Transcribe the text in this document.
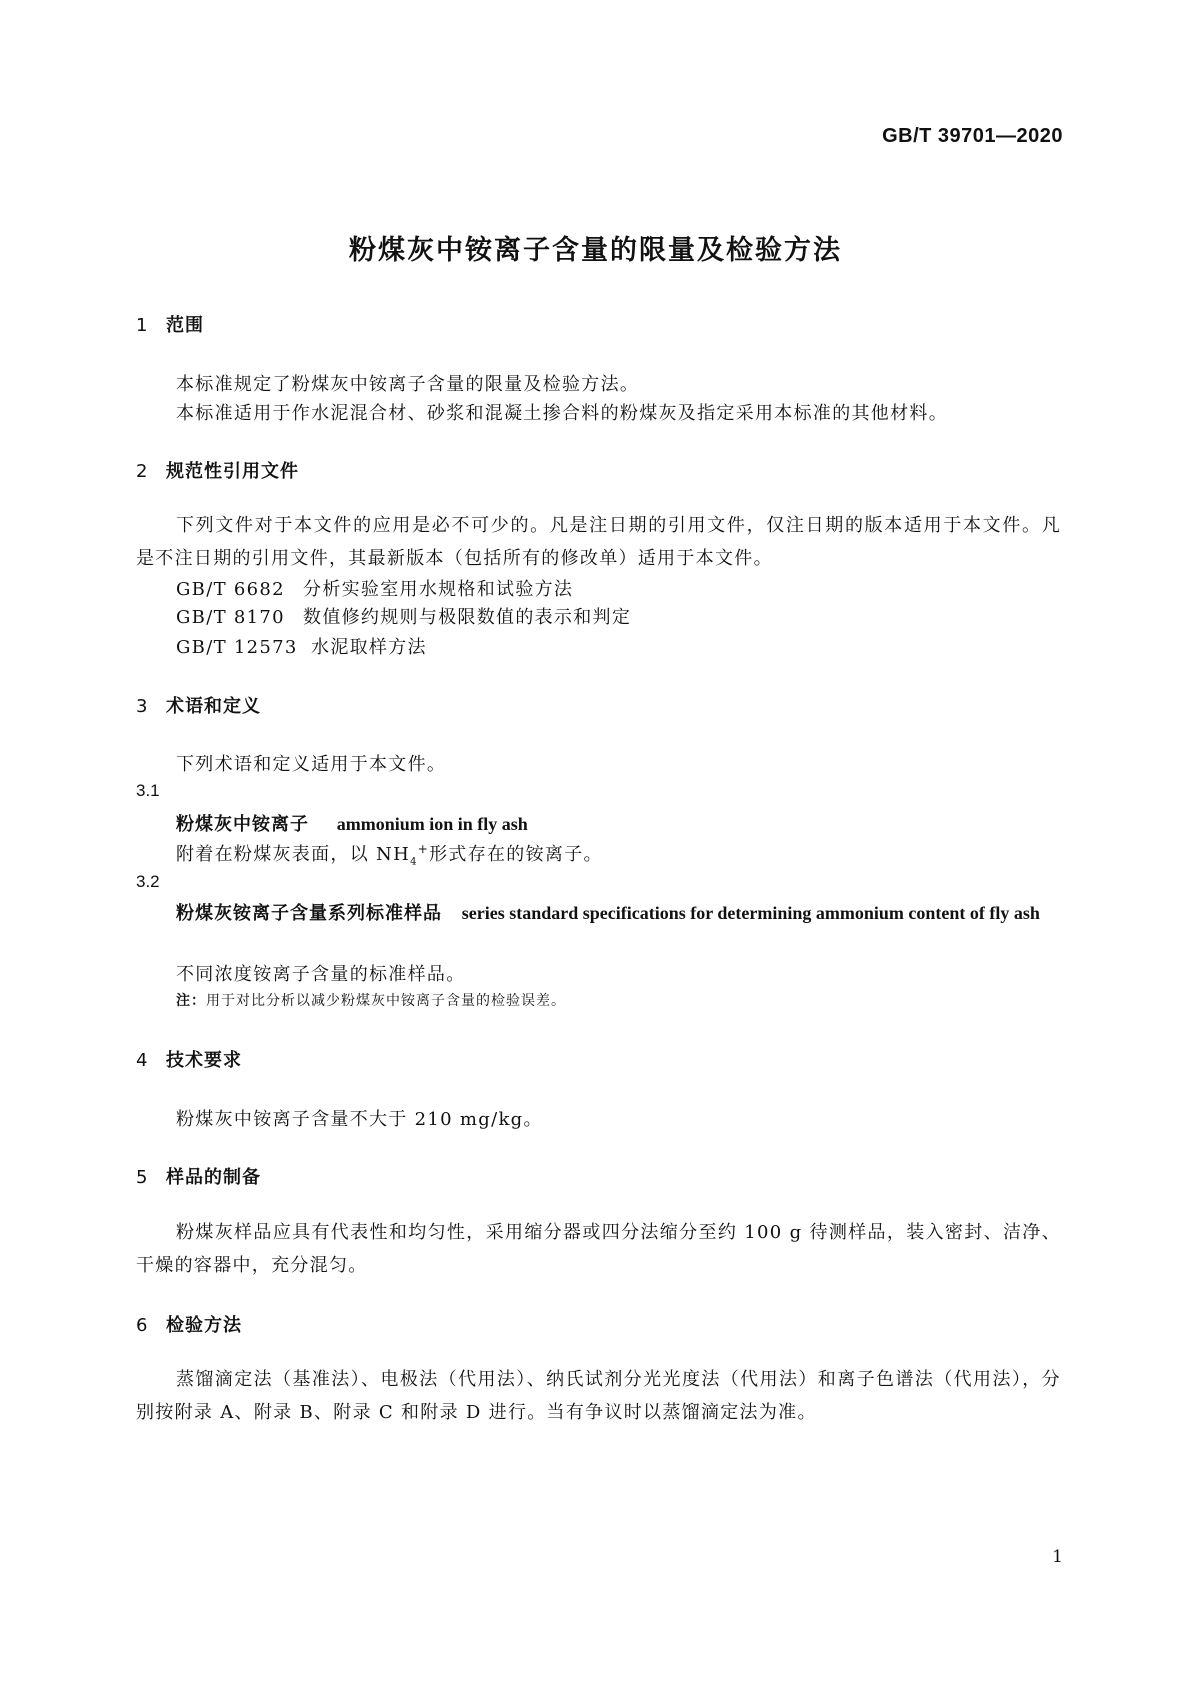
GB/T 39701—2020
粉煤灰中铵离子含量的限量及检验方法
1 范围
本标准规定了粉煤灰中铵离子含量的限量及检验方法。
本标准适用于作水泥混合材、砂浆和混凝土掺合料的粉煤灰及指定采用本标准的其他材料。
2 规范性引用文件
下列文件对于本文件的应用是必不可少的。凡是注日期的引用文件，仅注日期的版本适用于本文件。凡是不注日期的引用文件，其最新版本（包括所有的修改单）适用于本文件。
GB/T 6682 分析实验室用水规格和试验方法
GB/T 8170 数值修约规则与极限数值的表示和判定
GB/T 12573 水泥取样方法
3 术语和定义
下列术语和定义适用于本文件。
3.1
粉煤灰中铵离子 ammonium ion in fly ash
附着在粉煤灰表面，以 $NH_4^+$形式存在的铵离子。
3.2
粉煤灰铵离子含量系列标准样品 series standard specifications for determining ammonium content of fly ash
不同浓度铵离子含量的标准样品。
注：用于对比分析以减少粉煤灰中铵离子含量的检验误差。
4 技术要求
粉煤灰中铵离子含量不大于 210 mg/kg。
5 样品的制备
粉煤灰样品应具有代表性和均匀性，采用缩分器或四分法缩分至约 100 g 待测样品，装入密封、洁净、干燥的容器中，充分混匀。
6 检验方法
蒸馏滴定法（基准法）、电极法（代用法）、纳氏试剂分光光度法（代用法）和离子色谱法（代用法），分别按附录 A、附录 B、附录 C 和附录 D 进行。当有争议时以蒸馏滴定法为准。
1
